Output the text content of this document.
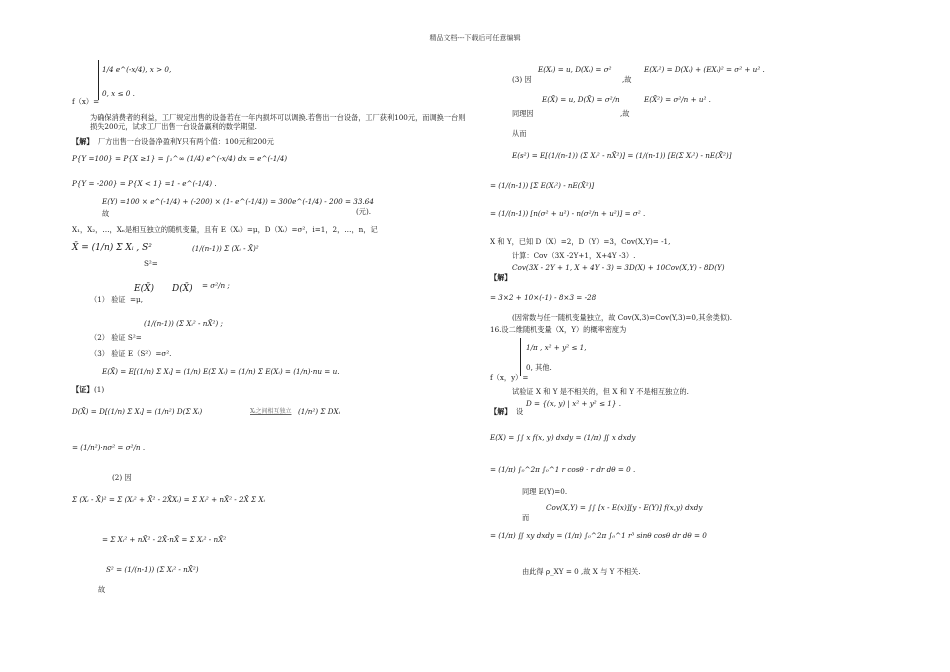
精品文档---下载后可任意编辑
1/4 e^(-x/4), x > 0,
0, x ≤ 0 .
f（x）=
为确保消费者的利益，工厂规定出售的设备若在一年内损坏可以调换.若售出一台设备，工厂获利100元，而调换一台则损失200元，试求工厂出售一台设备赢利的数学期望.
【解】 厂方出售一台设备净盈利Y只有两个值：100元和200元
P{Y =100} = P{X ≥1} = ∫₁^∞ (1/4) e^(-x/4) dx = e^(-1/4)
P{Y = -200} = P{X < 1} =1 - e^(-1/4) .
故
E(Y) =100 × e^(-1/4) + (-200) × (1- e^(-1/4)) = 300e^(-1/4) - 200 = 33.64
(元).
X₁，X₂，…，Xₙ是相互独立的随机变量，且有 E（Xᵢ）=μ，D（Xᵢ）=σ²，i=1，2，…，n，记
X̄ = (1/n) Σ Xᵢ , S²
S²=
(1/(n-1)) Σ (Xᵢ - X̄)²
（1） 验证
E(X̄)
=μ,
D(X̄) = σ²/n ;
（2） 验证 S²=
(1/(n-1)) (Σ Xᵢ² - nX̄²) ;
（3） 验证 E（S²）=σ².
E(X̄) = E[(1/n) Σ Xᵢ] = (1/n) E(Σ Xᵢ) = (1/n) Σ E(Xᵢ) = (1/n)·nu = u.
【证】 (1)
D(X̄) = D[(1/n) Σ Xᵢ] = (1/n²) D(Σ Xᵢ)	Xᵢ之间相互独立 (1/n²) Σ DXᵢ
= (1/n²)·nσ² = σ²/n .
(2) 因
Σ (Xᵢ - X̄)² = Σ (Xᵢ² + X̄² - 2X̄Xᵢ) = Σ Xᵢ² + nX̄² - 2X̄ Σ Xᵢ
= Σ Xᵢ² + nX̄² - 2X̄·nX̄ = Σ Xᵢ² - nX̄²
S² = (1/(n-1)) (Σ Xᵢ² - nX̄²)
故
(3) 因
E(Xᵢ) = u, D(Xᵢ) = σ²
,故
E(Xᵢ²) = D(Xᵢ) + (EXᵢ)² = σ² + u² .
同理因
E(X̄) = u, D(X̄) = σ²/n
,故
E(X̄²) = σ²/n + u² .
从而
E(s²) = E[(1/(n-1)) (Σ Xᵢ² - nX̄²)] = (1/(n-1)) [E(Σ Xᵢ²) - nE(X̄²)]
= (1/(n-1)) [Σ E(Xᵢ²) - nE(X̄²)]
= (1/(n-1)) [n(σ² + u²) - n(σ²/n + u²)] = σ² .
X 和 Y，已知 D（X）=2，D（Y）=3，Cov(X,Y)= -1,
计算：Cov（3X -2Y+1，X+4Y -3）.
Cov(3X - 2Y + 1, X + 4Y - 3) = 3D(X) + 10Cov(X,Y) - 8D(Y)
【解】
= 3×2 + 10×(-1) - 8×3 = -28
(因常数与任一随机变量独立，故 Cov(X,3)=Cov(Y,3)=0,其余类似).
16.设二维随机变量（X，Y）的概率密度为
1/π , x² + y² ≤ 1,
0, 其他.
f（x，y）=
试验证 X 和 Y 是不相关的，但 X 和 Y 不是相互独立的.
【解】 设
D = {(x, y) | x² + y² ≤ 1} .
E(X) = ∫∫ x f(x, y) dxdy = (1/π) ∬ x dxdy
= (1/π) ∫₀^2π ∫₀^1 r cosθ · r dr dθ = 0 .
同理 E(Y)=0.
而
Cov(X,Y) = ∫∫ [x - E(x)][y - E(Y)] f(x,y) dxdy
= (1/π) ∬ xy dxdy = (1/π) ∫₀^2π ∫₀^1 r³ sinθ cosθ dr dθ = 0
由此得 ρ_XY = 0 ,故 X 与 Y 不相关.
